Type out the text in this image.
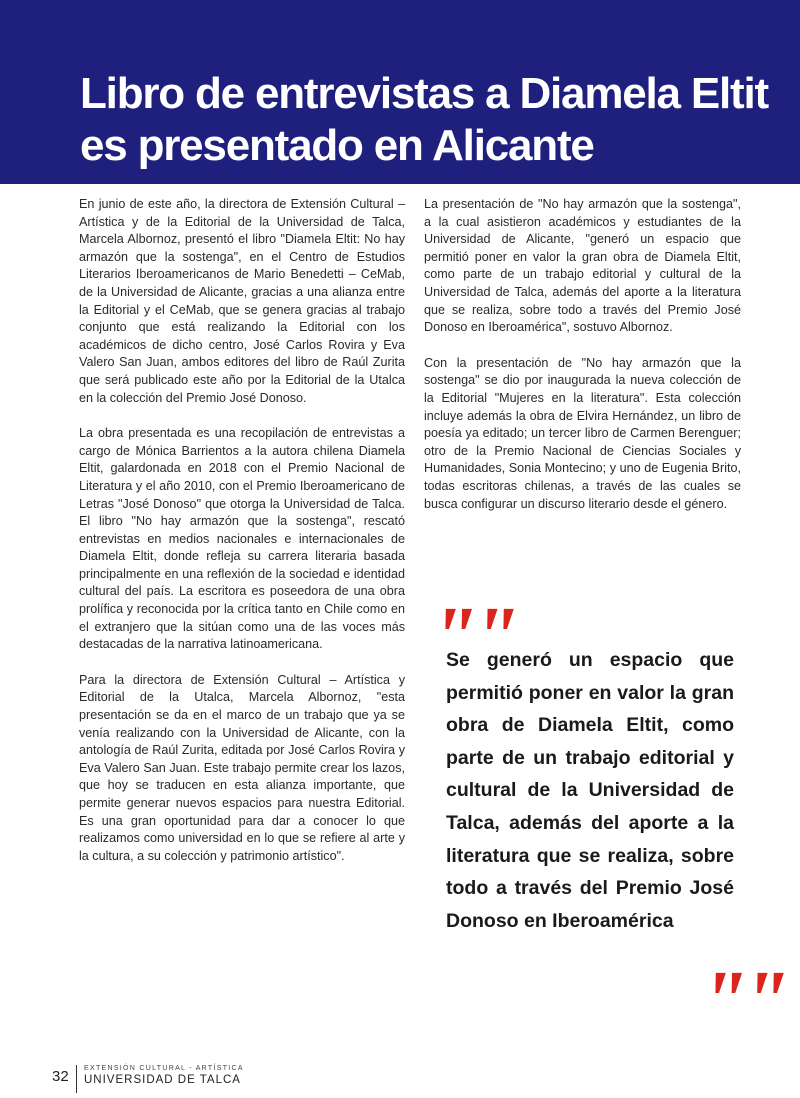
Libro de entrevistas a Diamela Eltit es presentado en Alicante

En junio de este año, la directora de Extensión Cultural – Artística y de la Editorial de la Universidad de Talca, Marcela Albornoz, presentó el libro "Diamela Eltit: No hay armazón que la sostenga", en el Centro de Estudios Literarios Iberoamericanos de Mario Benedetti – CeMab, de la Universidad de Alicante, gracias a una alianza entre la Editorial y el CeMab, que se genera gracias al trabajo conjunto que está realizando la Editorial con los académicos de dicho centro, José Carlos Rovira y Eva Valero San Juan, ambos editores del libro de Raúl Zurita que será publicado este año por la Editorial de la Utalca en la colección del Premio José Donoso.

La obra presentada es una recopilación de entrevistas a cargo de Mónica Barrientos a la autora chilena Diamela Eltit, galardonada en 2018 con el Premio Nacional de Literatura y el año 2010, con el Premio Iberoamericano de Letras "José Donoso" que otorga la Universidad de Talca. El libro "No hay armazón que la sostenga", rescató entrevistas en medios nacionales e internacionales de Diamela Eltit, donde refleja su carrera literaria basada principalmente en una reflexión de la sociedad e identidad cultural del país. La escritora es poseedora de una obra prolífica y reconocida por la crítica tanto en Chile como en el extranjero que la sitúan como una de las voces más destacadas de la narrativa latinoamericana.

Para la directora de Extensión Cultural – Artística y Editorial de la Utalca, Marcela Albornoz, "esta presentación se da en el marco de un trabajo que ya se venía realizando con la Universidad de Alicante, con la antología de Raúl Zurita, editada por José Carlos Rovira y Eva Valero San Juan. Este trabajo permite crear los lazos, que hoy se traducen en esta alianza importante, que permite generar nuevos espacios para nuestra Editorial. Es una gran oportunidad para dar a conocer lo que realizamos como universidad en lo que se refiere al arte y la cultura, a su colección y patrimonio artístico".

La presentación de "No hay armazón que la sostenga", a la cual asistieron académicos y estudiantes de la Universidad de Alicante, "generó un espacio que permitió poner en valor la gran obra de Diamela Eltit, como parte de un trabajo editorial y cultural de la Universidad de Talca, además del aporte a la literatura que se realiza, sobre todo a través del Premio José Donoso en Iberoamérica", sostuvo Albornoz.

Con la presentación de "No hay armazón que la sostenga" se dio por inaugurada la nueva colección de la Editorial "Mujeres en la literatura". Esta colección incluye además la obra de Elvira Hernández, un libro de poesía ya editado; un tercer libro de Carmen Berenguer; otro de la Premio Nacional de Ciencias Sociales y Humanidades, Sonia Montecino; y uno de Eugenia Brito, todas escritoras chilenas, a través de las cuales se busca configurar un discurso literario desde el género.

""

Se generó un espacio que permitió poner en valor la gran obra de Diamela Eltit, como parte de un trabajo editorial y cultural de la Universidad de Talca, además del aporte a la literatura que se realiza, sobre todo a través del Premio José Donoso en Iberoamérica

""
32 EXTENSIÓN CULTURAL - ARTÍSTICA
UNIVERSIDAD DE TALCA
